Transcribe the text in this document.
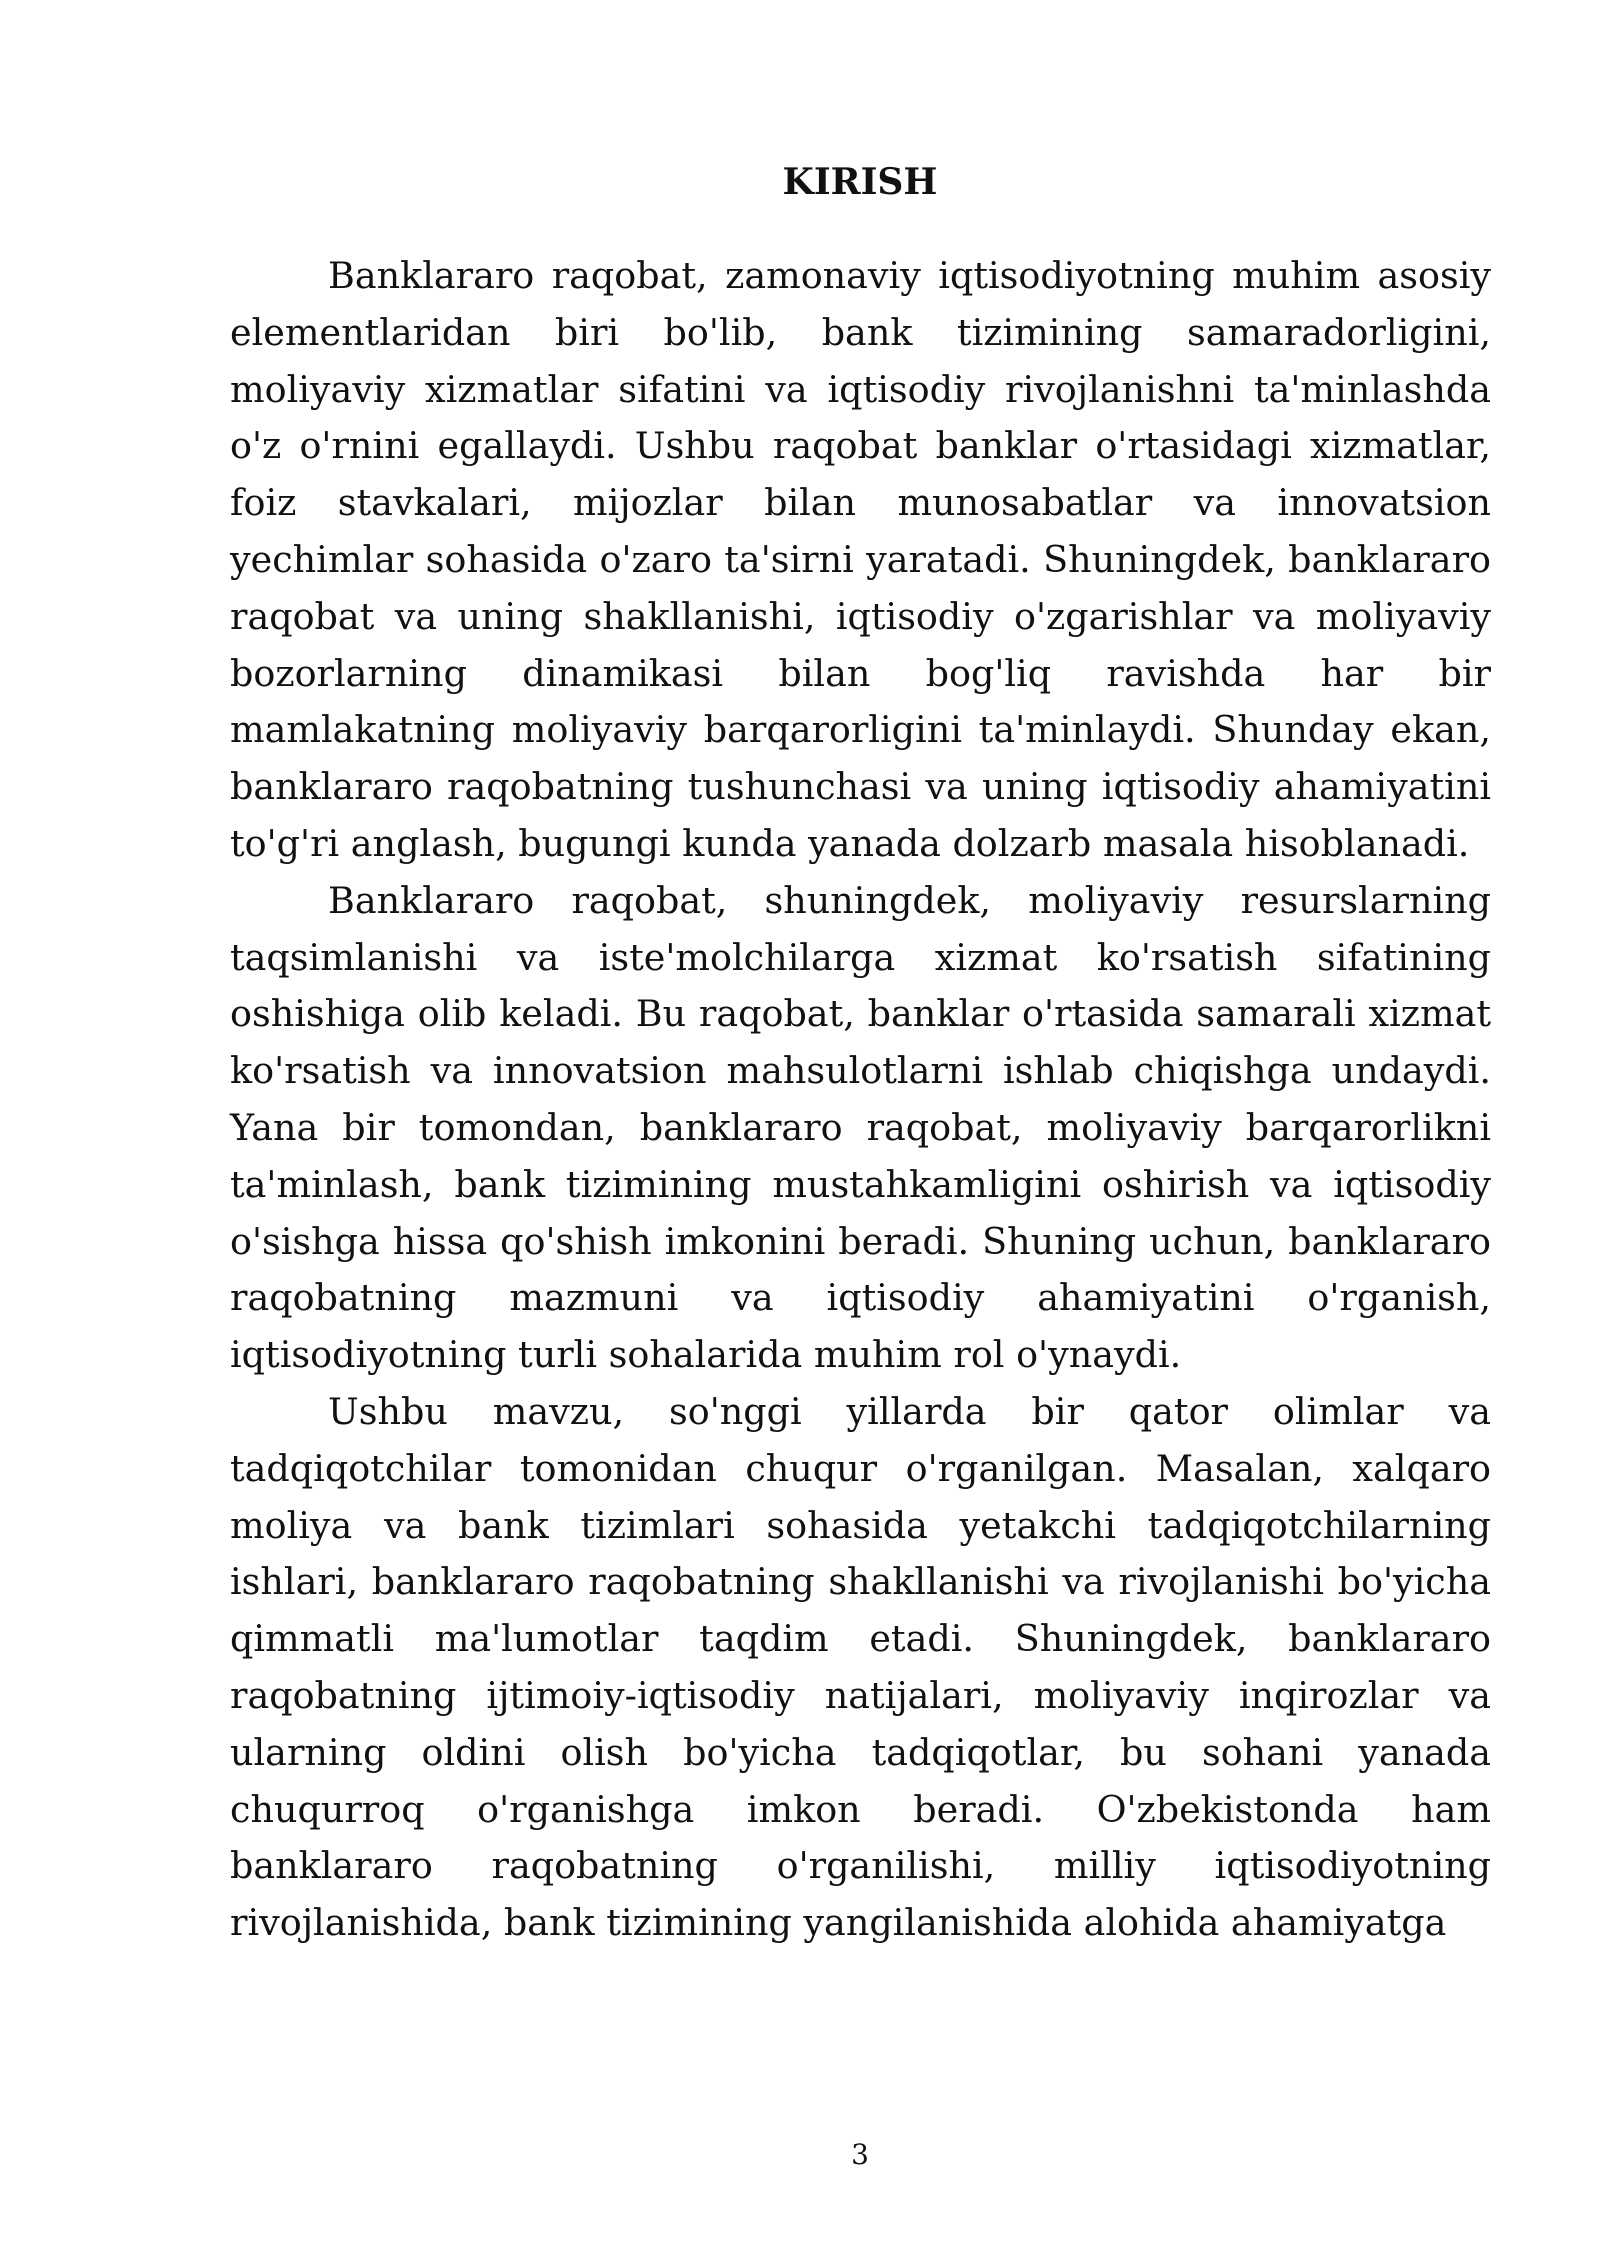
KIRISH

Banklararo raqobat, zamonaviy iqtisodiyotning muhim asosiy elementlaridan biri bo'lib, bank tizimining samaradorligini, moliyaviy xizmatlar sifatini va iqtisodiy rivojlanishni ta'minlashda o'z o'rnini egallaydi. Ushbu raqobat banklar o'rtasidagi xizmatlar, foiz stavkalari, mijozlar bilan munosabatlar va innovatsion yechimlar sohasida o'zaro ta'sirni yaratadi. Shuningdek, banklararo raqobat va uning shakllanishi, iqtisodiy o'zgarishlar va moliyaviy bozorlarning dinamikasi bilan bog'liq ravishda har bir mamlakatning moliyaviy barqarorligini ta'minlaydi. Shunday ekan, banklararo raqobatning tushunchasi va uning iqtisodiy ahamiyatini to'g'ri anglash, bugungi kunda yanada dolzarb masala hisoblanadi.

Banklararo raqobat, shuningdek, moliyaviy resurslarning taqsimlanishi va iste'molchilarga xizmat ko'rsatish sifatining oshishiga olib keladi. Bu raqobat, banklar o'rtasida samarali xizmat ko'rsatish va innovatsion mahsulotlarni ishlab chiqishga undaydi. Yana bir tomondan, banklararo raqobat, moliyaviy barqarorlikni ta'minlash, bank tizimining mustahkamligini oshirish va iqtisodiy o'sishga hissa qo'shish imkonini beradi. Shuning uchun, banklararo raqobatning mazmuni va iqtisodiy ahamiyatini o'rganish, iqtisodiyotning turli sohalarida muhim rol o'ynaydi.

Ushbu mavzu, so'nggi yillarda bir qator olimlar va tadqiqotchilar tomonidan chuqur o'rganilgan. Masalan, xalqaro moliya va bank tizimlari sohasida yetakchi tadqiqotchilarning ishlari, banklararo raqobatning shakllanishi va rivojlanishi bo'yicha qimmatli ma'lumotlar taqdim etadi. Shuningdek, banklararo raqobatning ijtimoiy-iqtisodiy natijalari, moliyaviy inqirozlar va ularning oldini olish bo'yicha tadqiqotlar, bu sohani yanada chuqurroq o'rganishga imkon beradi. O'zbekistonda ham banklararo raqobatning o'rganilishi, milliy iqtisodiyotning rivojlanishida, bank tizimining yangilanishida alohida ahamiyatga

3
